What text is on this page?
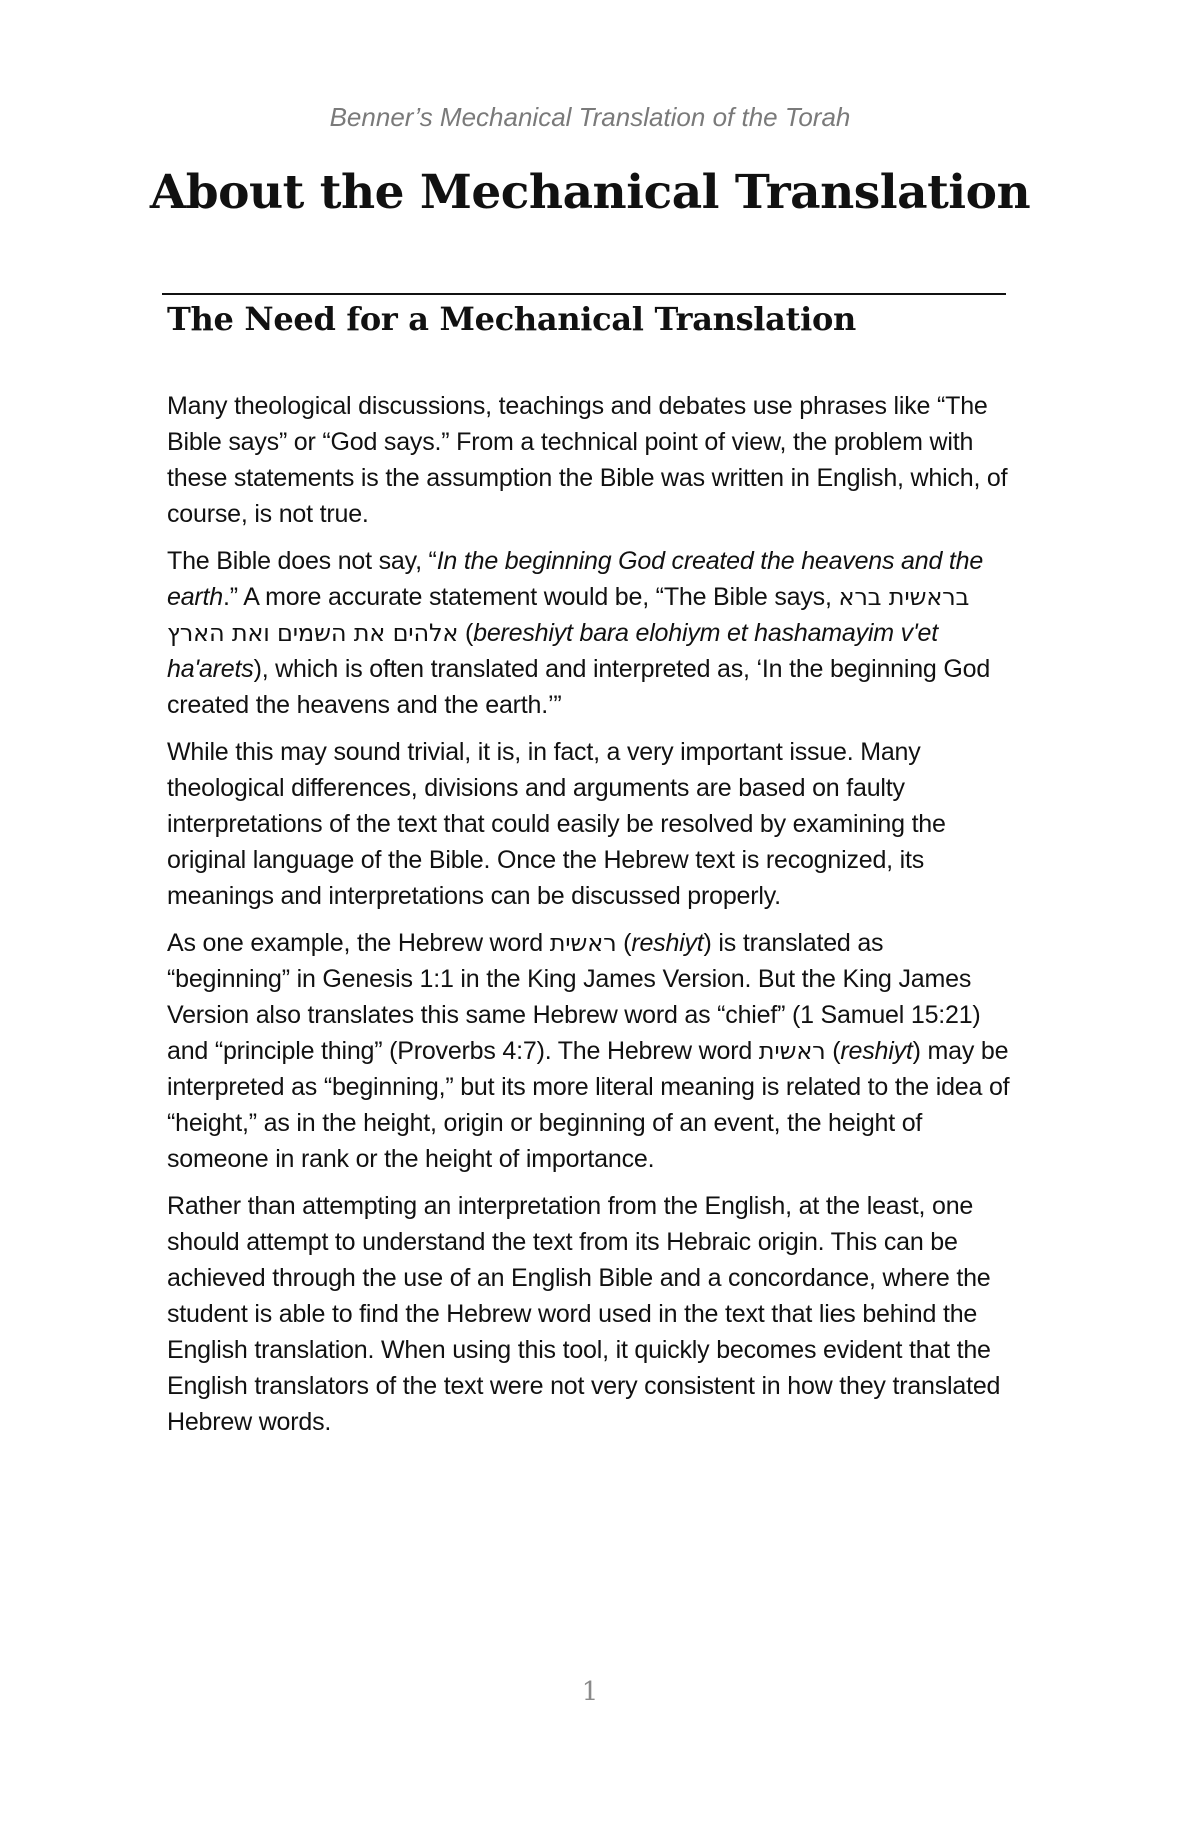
Benner’s Mechanical Translation of the Torah
About the Mechanical Translation
The Need for a Mechanical Translation

Many theological discussions, teachings and debates use phrases like “The Bible says” or “God says.” From a technical point of view, the problem with these statements is the assumption the Bible was written in English, which, of course, is not true.

The Bible does not say, “In the beginning God created the heavens and the earth.” A more accurate statement would be, “The Bible says, בראשית ברא אלהים את השמים ואת הארץ (bereshiyt bara elohiym et hashamayim v'et ha'arets), which is often translated and interpreted as, ‘In the beginning God created the heavens and the earth.’”

While this may sound trivial, it is, in fact, a very important issue. Many theological differences, divisions and arguments are based on faulty interpretations of the text that could easily be resolved by examining the original language of the Bible. Once the Hebrew text is recognized, its meanings and interpretations can be discussed properly.

As one example, the Hebrew word ראשית (reshiyt) is translated as “beginning” in Genesis 1:1 in the King James Version. But the King James Version also translates this same Hebrew word as “chief” (1 Samuel 15:21) and “principle thing” (Proverbs 4:7). The Hebrew word ראשית (reshiyt) may be interpreted as “beginning,” but its more literal meaning is related to the idea of “height,” as in the height, origin or beginning of an event, the height of someone in rank or the height of importance.

Rather than attempting an interpretation from the English, at the least, one should attempt to understand the text from its Hebraic origin. This can be achieved through the use of an English Bible and a concordance, where the student is able to find the Hebrew word used in the text that lies behind the English translation. When using this tool, it quickly becomes evident that the English translators of the text were not very consistent in how they translated Hebrew words.

1
